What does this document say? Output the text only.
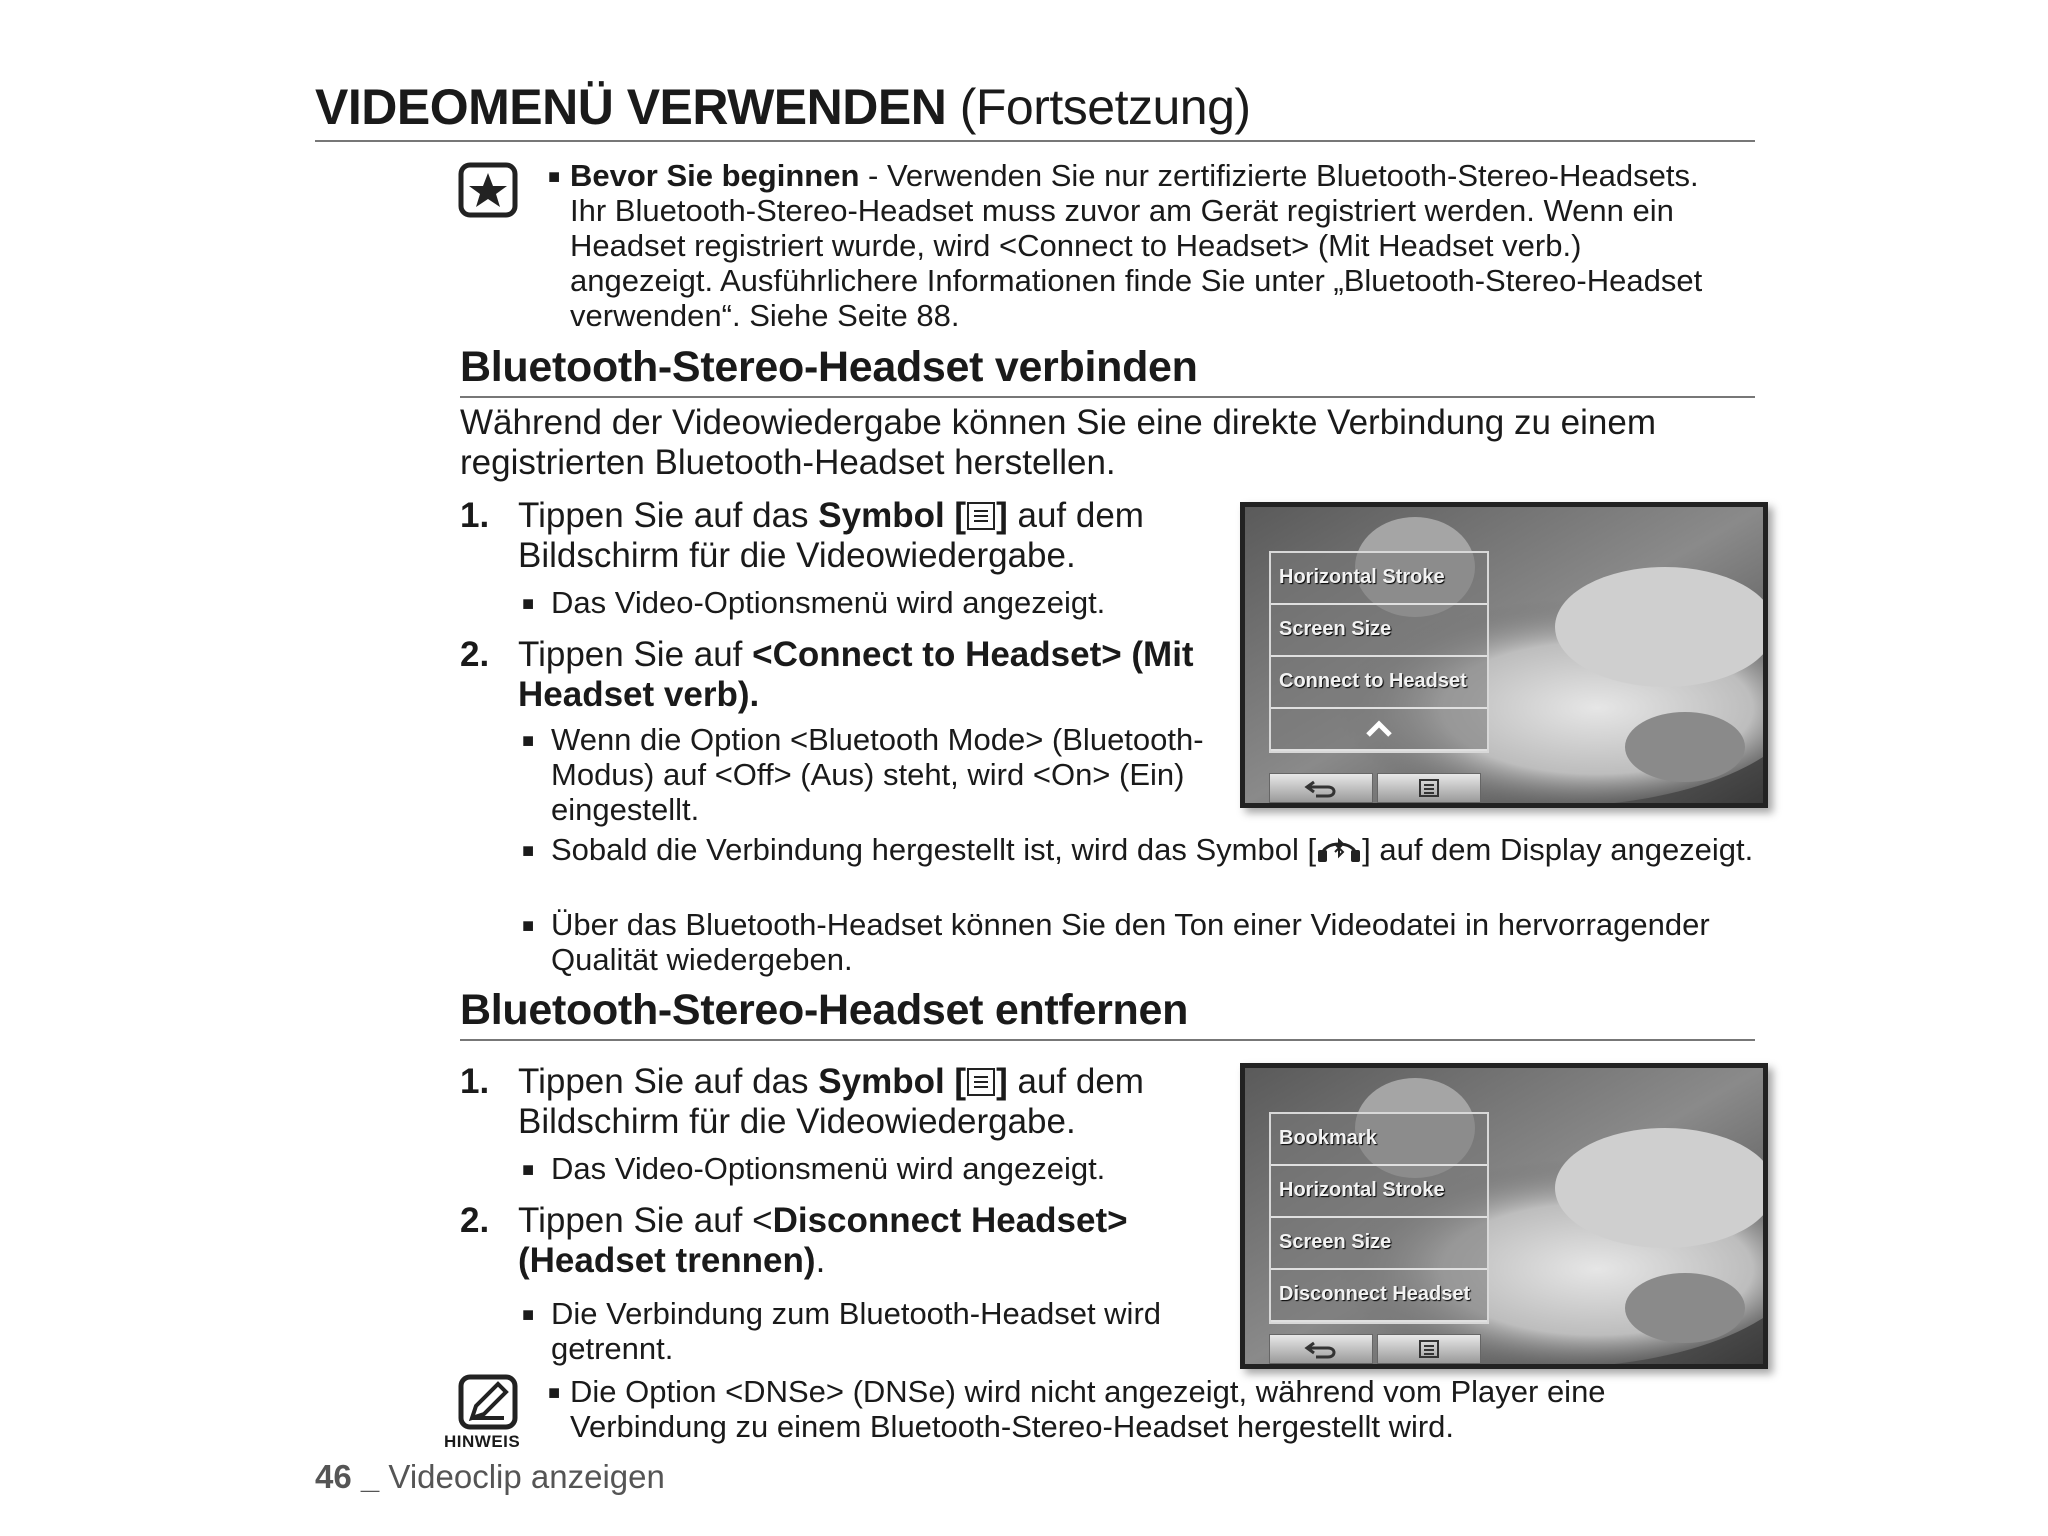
VIDEOMENÜ VERWENDEN (Fortsetzung)
■ Bevor Sie beginnen - Verwenden Sie nur zertifizierte Bluetooth-Stereo-Headsets. Ihr Bluetooth-Stereo-Headset muss zuvor am Gerät registriert werden. Wenn ein Headset registriert wurde, wird <Connect to Headset> (Mit Headset verb.) angezeigt. Ausführlichere Informationen finde Sie unter „Bluetooth-Stereo-Headset verwenden“. Siehe Seite 88.
Bluetooth-Stereo-Headset verbinden
Während der Videowiedergabe können Sie eine direkte Verbindung zu einem registrierten Bluetooth-Headset herstellen.
1. Tippen Sie auf das Symbol [ ] auf dem Bildschirm für die Videowiedergabe.
■ Das Video-Optionsmenü wird angezeigt.
2. Tippen Sie auf <Connect to Headset> (Mit Headset verb).
■ Wenn die Option <Bluetooth Mode> (Bluetooth-Modus) auf <Off> (Aus) steht, wird <On> (Ein) eingestellt.
■ Sobald die Verbindung hergestellt ist, wird das Symbol [ ] auf dem Display angezeigt.
■ Über das Bluetooth-Headset können Sie den Ton einer Videodatei in hervorragender Qualität wiedergeben.
Horizontal Stroke
Screen Size
Connect to Headset
Bluetooth-Stereo-Headset entfernen
1. Tippen Sie auf das Symbol [ ] auf dem Bildschirm für die Videowiedergabe.
■ Das Video-Optionsmenü wird angezeigt.
2. Tippen Sie auf <Disconnect Headset> (Headset trennen).
■ Die Verbindung zum Bluetooth-Headset wird getrennt.
Bookmark
Horizontal Stroke
Screen Size
Disconnect Headset
HINWEIS
■ Die Option <DNSe> (DNSe) wird nicht angezeigt, während vom Player eine Verbindung zu einem Bluetooth-Stereo-Headset hergestellt wird.
46 _ Videoclip anzeigen
